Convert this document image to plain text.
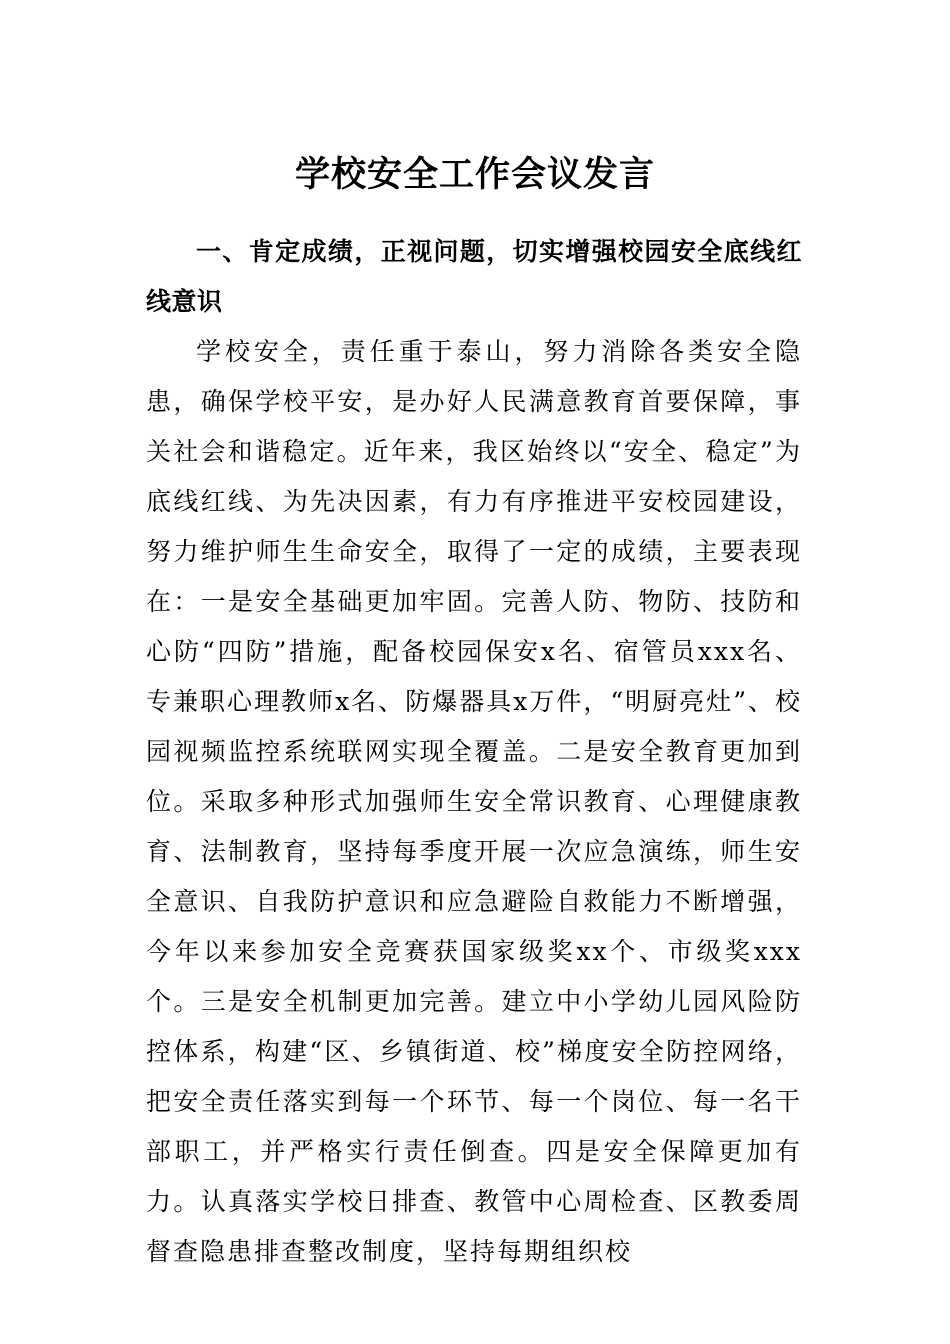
学校安全工作会议发言

一、肯定成绩，正视问题，切实增强校园安全底线红线意识

学校安全，责任重于泰山，努力消除各类安全隐患，确保学校平安，是办好人民满意教育首要保障，事关社会和谐稳定。近年来，我区始终以“安全、稳定”为底线红线、为先决因素，有力有序推进平安校园建设，努力维护师生生命安全，取得了一定的成绩，主要表现在：一是安全基础更加牢固。完善人防、物防、技防和心防“四防”措施，配备校园保安x名、宿管员xxx名、专兼职心理教师x名、防爆器具x万件，“明厨亮灶”、校园视频监控系统联网实现全覆盖。二是安全教育更加到位。采取多种形式加强师生安全常识教育、心理健康教育、法制教育，坚持每季度开展一次应急演练，师生安全意识、自我防护意识和应急避险自救能力不断增强，今年以来参加安全竞赛获国家级奖xx个、市级奖xxx个。三是安全机制更加完善。建立中小学幼儿园风险防控体系，构建“区、乡镇街道、校”梯度安全防控网络，把安全责任落实到每一个环节、每一个岗位、每一名干部职工，并严格实行责任倒查。四是安全保障更加有力。认真落实学校日排查、教管中心周检查、区教委周督查隐患排查整改制度，坚持每期组织校
